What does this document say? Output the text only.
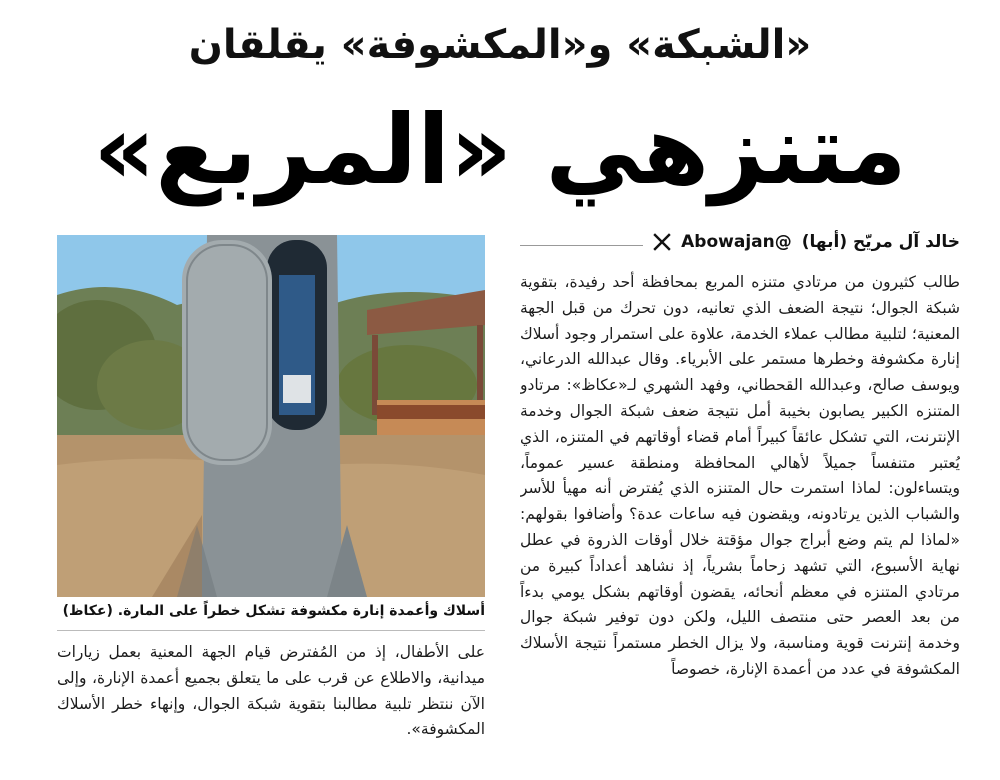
«الشبكة» و«المكشوفة» يقلقان
متنزهي «المربع»
خالد آل مريّح (أبها)
@Abowajan

طالب كثيرون من مرتادي متنزه المربع بمحافظة أحد رفيدة، بتقوية شبكة الجوال؛ نتيجة الضعف الذي تعانيه، دون تحرك من قبل الجهة المعنية؛ لتلبية مطالب عملاء الخدمة، علاوة على استمرار وجود أسلاك إنارة مكشوفة وخطرها مستمر على الأبرياء. وقال عبدالله الدرعاني، ويوسف صالح، وعبدالله القحطاني، وفهد الشهري لـ«عكاظ»: مرتادو المتنزه الكبير يصابون بخيبة أمل نتيجة ضعف شبكة الجوال وخدمة الإنترنت، التي تشكل عائقاً كبيراً أمام قضاء أوقاتهم في المتنزه، الذي يُعتبر متنفساً جميلاً لأهالي المحافظة ومنطقة عسير عموماً، ويتساءلون: لماذا استمرت حال المتنزه الذي يُفترض أنه مهيأ للأسر والشباب الذين يرتادونه، ويقضون فيه ساعات عدة؟ وأضافوا بقولهم: «لماذا لم يتم وضع أبراج جوال مؤقتة خلال أوقات الذروة في عطل نهاية الأسبوع، التي تشهد زحاماً بشرياً، إذ نشاهد أعداداً كبيرة من مرتادي المتنزه في معظم أنحائه، يقضون أوقاتهم بشكل يومي بدءاً من بعد العصر حتى منتصف الليل، ولكن دون توفير شبكة جوال وخدمة إنترنت قوية ومناسبة، ولا يزال الخطر مستمراً نتيجة الأسلاك المكشوفة في عدد من أعمدة الإنارة، خصوصاً

أسلاك وأعمدة إنارة مكشوفة تشكل خطراً على المارة. (عكاظ)

على الأطفال، إذ من المُفترض قيام الجهة المعنية بعمل زيارات ميدانية، والاطلاع عن قرب على ما يتعلق بجميع أعمدة الإنارة، وإلى الآن ننتظر تلبية مطالبنا بتقوية شبكة الجوال، وإنهاء خطر الأسلاك المكشوفة».
